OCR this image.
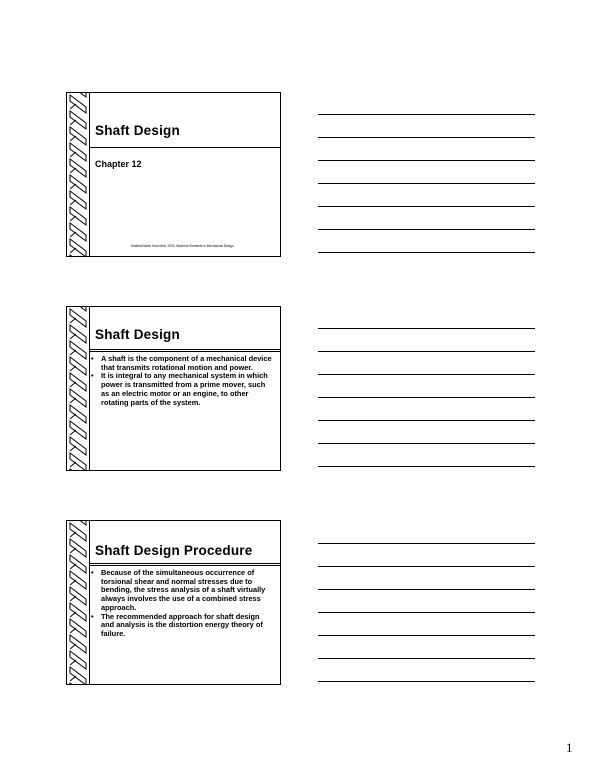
Shaft Design
Chapter 12
Material taken from Mott, 2003, Machine Elements in Mechanical Design
Shaft Design
•	A shaft is the component of a mechanical device that transmits rotational motion and power.
•	It is integral to any mechanical system in which power is transmitted from a prime mover, such as an electric motor or an engine, to other rotating parts of the system.
Shaft Design Procedure
•	Because of the simultaneous occurrence of torsional shear and normal stresses due to bending, the stress analysis of a shaft virtually always involves the use of a combined stress approach.
•	The recommended approach for shaft design and analysis is the distortion energy theory of failure.
1
